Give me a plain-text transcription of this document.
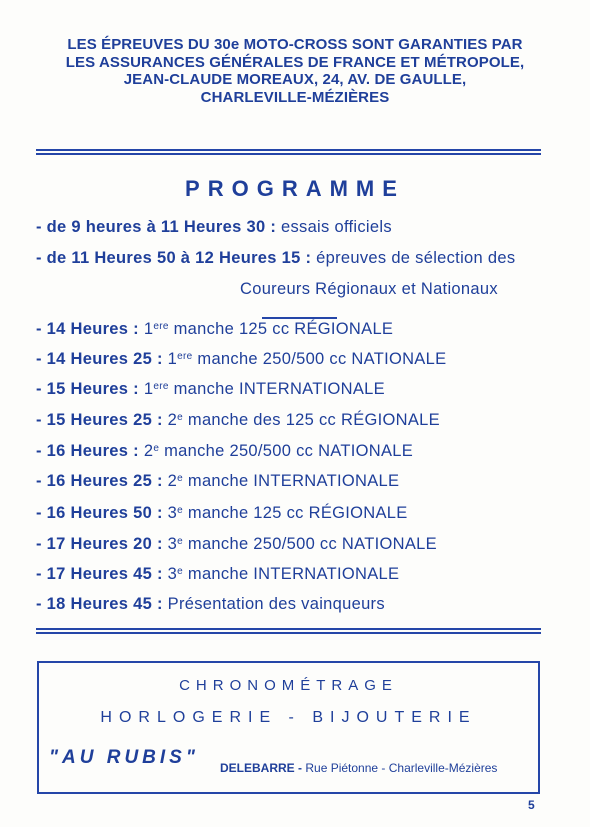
LES ÉPREUVES DU 30e MOTO-CROSS SONT GARANTIES PAR
LES ASSURANCES GÉNÉRALES DE FRANCE ET MÉTROPOLE,
JEAN-CLAUDE MOREAUX, 24, AV. DE GAULLE,
CHARLEVILLE-MÉZIÈRES
PROGRAMME
- de 9 heures à 11 Heures 30 : essais officiels
- de 11 Heures 50 à 12 Heures 15 : épreuves de sélection des
Coureurs Régionaux et Nationaux
- 14 Heures : 1ere manche 125 cc RÉGIONALE
- 14 Heures 25 : 1ere manche 250/500 cc NATIONALE
- 15 Heures : 1ere manche INTERNATIONALE
- 15 Heures 25 : 2e manche des 125 cc RÉGIONALE
- 16 Heures : 2e manche 250/500 cc NATIONALE
- 16 Heures 25 : 2e manche INTERNATIONALE
- 16 Heures 50 : 3e manche 125 cc RÉGIONALE
- 17 Heures 20 : 3e manche 250/500 cc NATIONALE
- 17 Heures 45 : 3e manche INTERNATIONALE
- 18 Heures 45 : Présentation des vainqueurs
CHRONOMÉTRAGE
HORLOGERIE - BIJOUTERIE
"AU RUBIS" DELEBARRE - Rue Piétonne - Charleville-Mézières
5
